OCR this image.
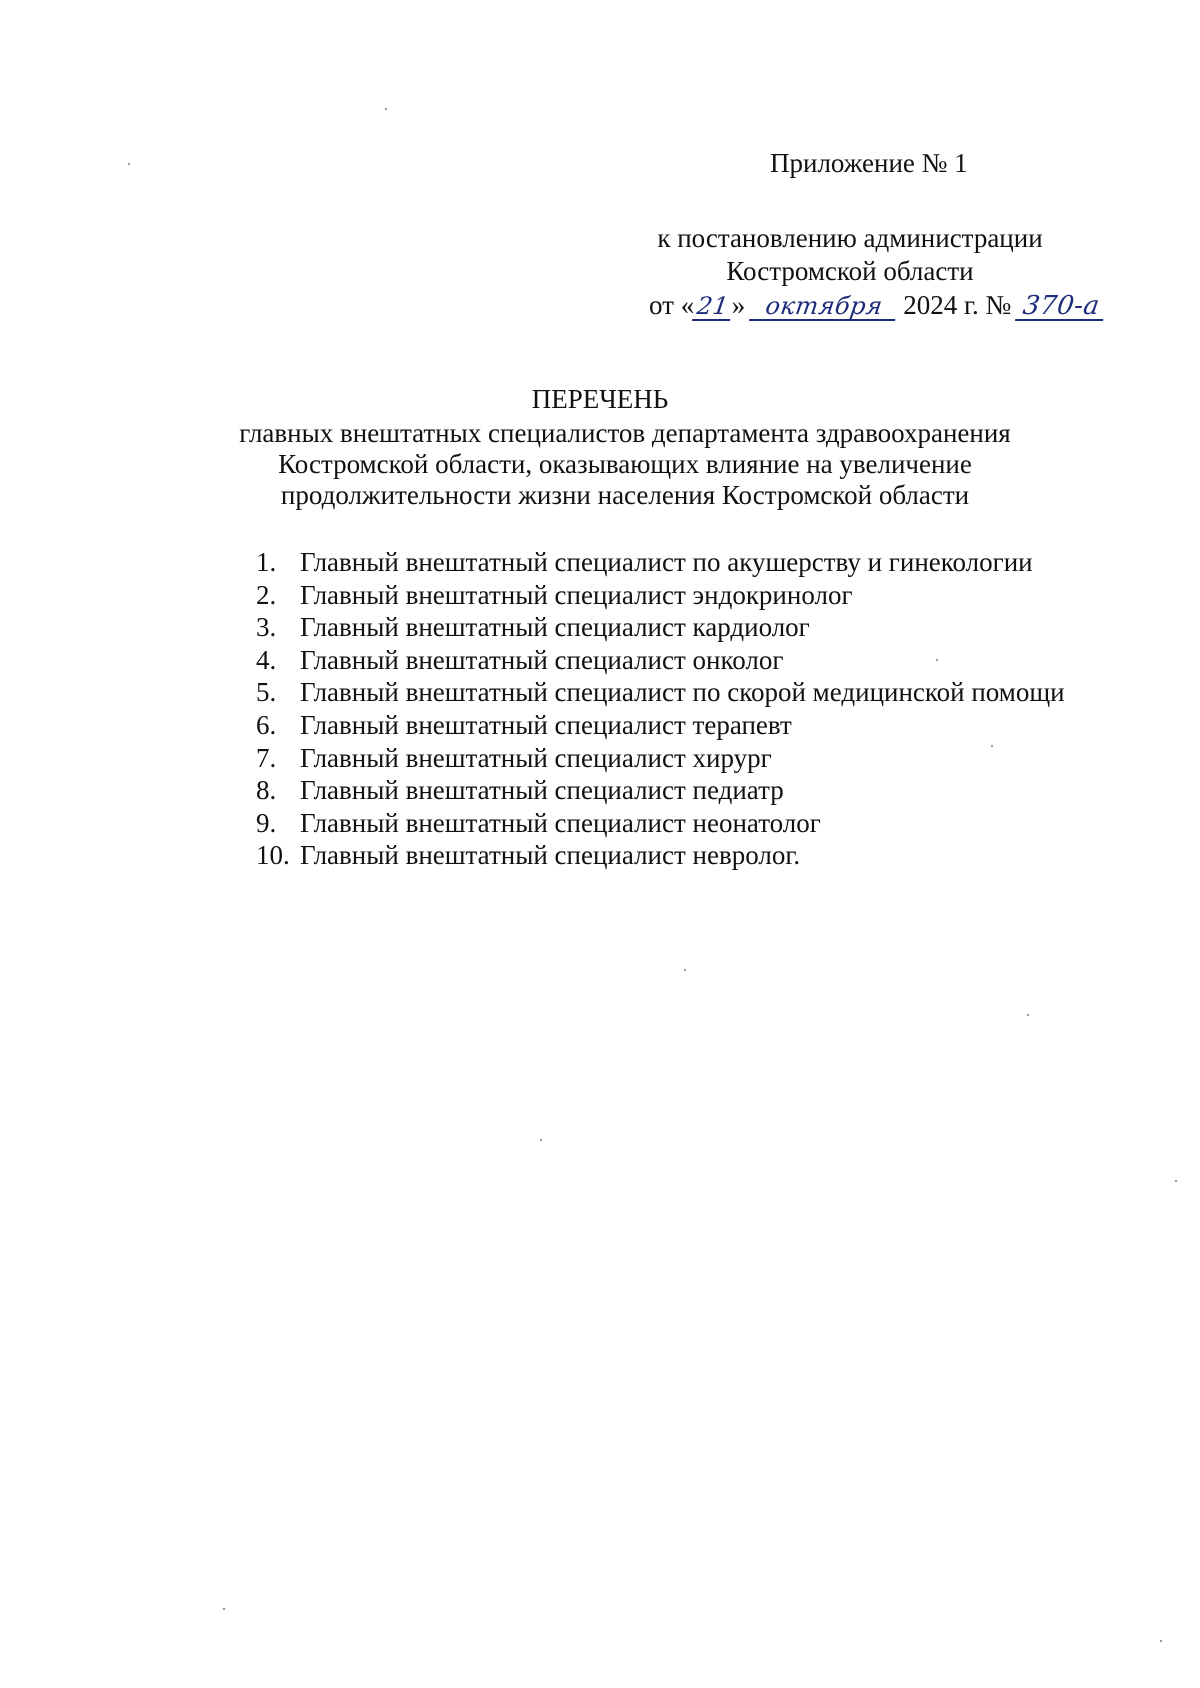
Приложение № 1
к постановлению администрации
Костромской области
от «21» октября 2024 г. № 370-а
ПЕРЕЧЕНЬ
главных внештатных специалистов департамента здравоохранения
Костромской области, оказывающих влияние на увеличение
продолжительности жизни населения Костромской области
1. Главный внештатный специалист по акушерству и гинекологии
2. Главный внештатный специалист эндокринолог
3. Главный внештатный специалист кардиолог
4. Главный внештатный специалист онколог
5. Главный внештатный специалист по скорой медицинской помощи
6. Главный внештатный специалист терапевт
7. Главный внештатный специалист хирург
8. Главный внештатный специалист педиатр
9. Главный внештатный специалист неонатолог
10. Главный внештатный специалист невролог.
